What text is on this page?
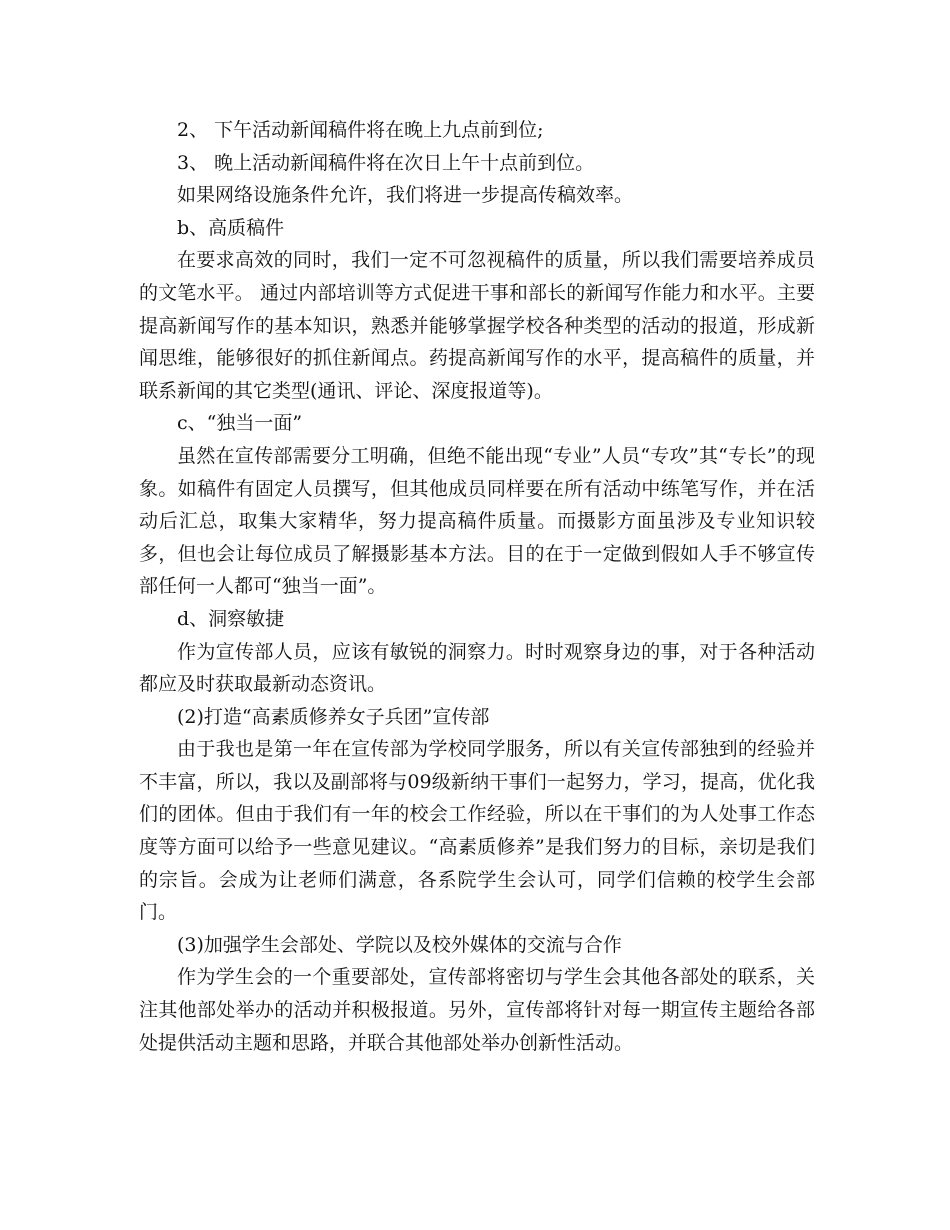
2、 下午活动新闻稿件将在晚上九点前到位;

3、 晚上活动新闻稿件将在次日上午十点前到位。

如果网络设施条件允许，我们将进一步提高传稿效率。

b、高质稿件

在要求高效的同时，我们一定不可忽视稿件的质量，所以我们需要培养成员的文笔水平。 通过内部培训等方式促进干事和部长的新闻写作能力和水平。主要提高新闻写作的基本知识，熟悉并能够掌握学校各种类型的活动的报道，形成新闻思维，能够很好的抓住新闻点。药提高新闻写作的水平，提高稿件的质量，并联系新闻的其它类型(通讯、评论、深度报道等)。

c、“独当一面”

虽然在宣传部需要分工明确，但绝不能出现“专业”人员“专攻”其“专长”的现象。如稿件有固定人员撰写，但其他成员同样要在所有活动中练笔写作，并在活动后汇总，取集大家精华，努力提高稿件质量。而摄影方面虽涉及专业知识较多，但也会让每位成员了解摄影基本方法。目的在于一定做到假如人手不够宣传部任何一人都可“独当一面”。

d、洞察敏捷

作为宣传部人员，应该有敏锐的洞察力。时时观察身边的事，对于各种活动都应及时获取最新动态资讯。

(2)打造“高素质修养女子兵团”宣传部

由于我也是第一年在宣传部为学校同学服务，所以有关宣传部独到的经验并不丰富，所以，我以及副部将与09级新纳干事们一起努力，学习，提高，优化我们的团体。但由于我们有一年的校会工作经验，所以在干事们的为人处事工作态度等方面可以给予一些意见建议。“高素质修养”是我们努力的目标，亲切是我们的宗旨。会成为让老师们满意，各系院学生会认可，同学们信赖的校学生会部门。

(3)加强学生会部处、学院以及校外媒体的交流与合作

作为学生会的一个重要部处，宣传部将密切与学生会其他各部处的联系，关注其他部处举办的活动并积极报道。另外，宣传部将针对每一期宣传主题给各部处提供活动主题和思路，并联合其他部处举办创新性活动。
